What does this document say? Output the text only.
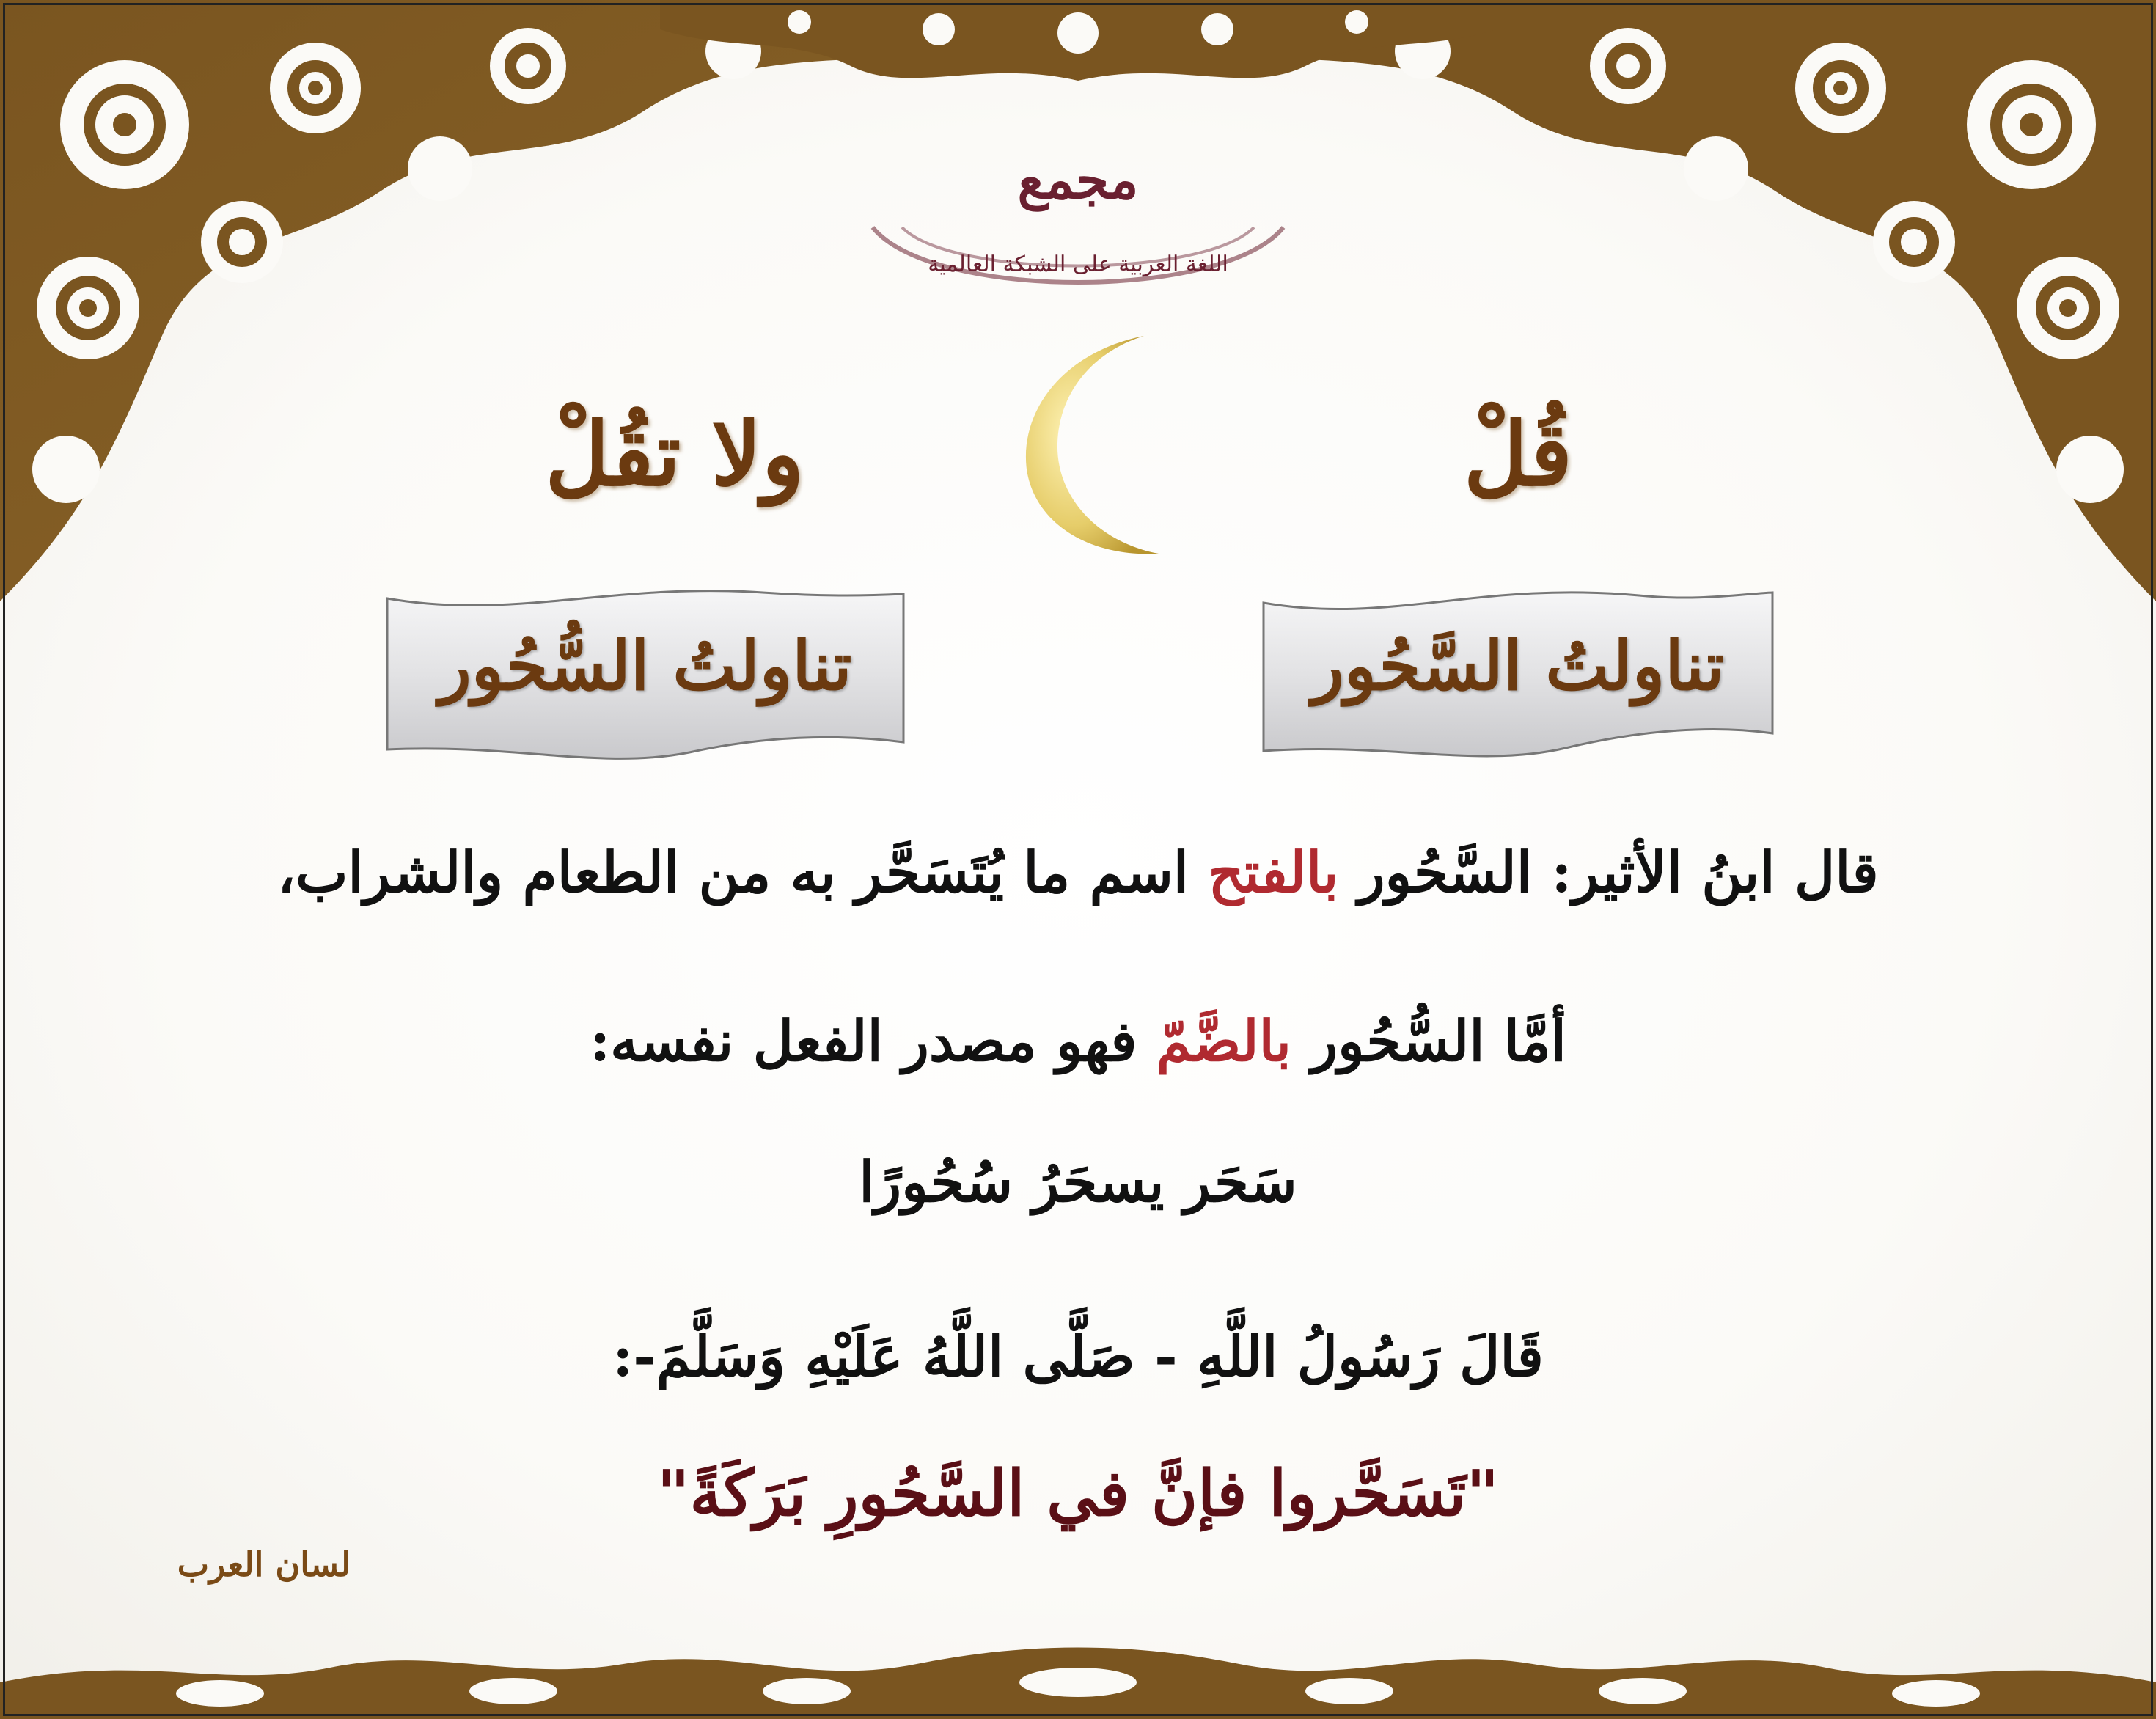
مجمع
اللغة العربية على الشبكة العالمية
قُلْ
ولا تقُلْ
تناولتُ السَّحُور
تناولتُ السُّحُور
قال ابنُ الأثير: السَّحُور بالفتح اسم ما يُتَسَحَّر به من الطعام والشراب،
أمَّا السُّحُور بالضَّمّ فهو مصدر الفعل نفسه:
سَحَر يسحَرُ سُحُورًا
قَالَ رَسُولُ اللَّهِ - صَلَّى اللَّهُ عَلَيْهِ وَسَلَّمَ-:
"تَسَحَّروا فإنَّ في السَّحُورِ بَرَكَةً"
لسان العرب
